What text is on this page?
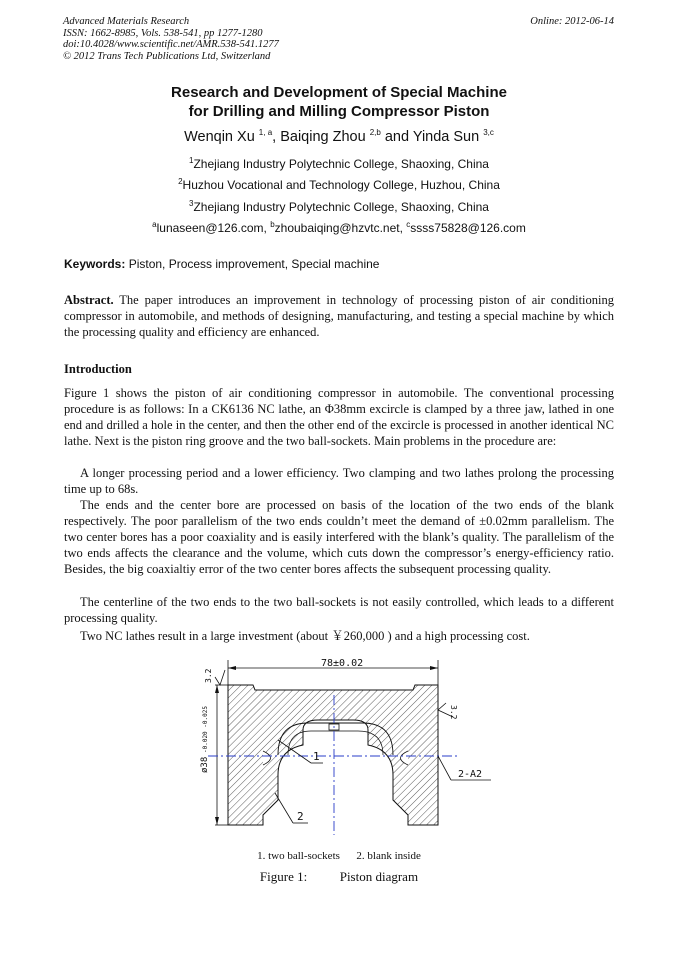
Advanced Materials Research
ISSN: 1662-8985, Vols. 538-541, pp 1277-1280
doi:10.4028/www.scientific.net/AMR.538-541.1277
© 2012 Trans Tech Publications Ltd, Switzerland
Online: 2012-06-14
Research and Development of Special Machine
for Drilling and Milling Compressor Piston
Wenqin Xu $^{1, a}$, Baiqing Zhou $^{2,b}$ and Yinda Sun $^{3,c}$
$^1$Zhejiang Industry Polytechnic College, Shaoxing, China
$^2$Huzhou Vocational and Technology College, Huzhou, China
$^3$Zhejiang Industry Polytechnic College, Shaoxing, China
$^a$lunaseen@126.com, $^b$zhoubaiqing@hzvtc.net, $^c$ssss75828@126.com
Keywords: Piston, Process improvement, Special machine
Abstract. The paper introduces an improvement in technology of processing piston of air conditioning compressor in automobile, and methods of designing, manufacturing, and testing a special machine by which the processing quality and efficiency are enhanced.
Introduction
Figure 1 shows the piston of air conditioning compressor in automobile. The conventional processing procedure is as follows: In a CK6136 NC lathe, an Φ38mm excircle is clamped by a three jaw, lathed in one end and drilled a hole in the center, and then the other end of the excircle is processed in another identical NC lathe. Next is the piston ring groove and the two ball-sockets. Main problems in the procedure are:
A longer processing period and a lower efficiency. Two clamping and two lathes prolong the processing time up to 68s.
The ends and the center bore are processed on basis of the location of the two ends of the blank respectively. The poor parallelism of the two ends couldn’t meet the demand of ±0.02mm parallelism. The two center bores has a poor coaxiality and is easily interfered with the blank’s quality. The parallelism of the two ends affects the clearance and the volume, which cuts down the compressor’s energy-efficiency ratio. Besides, the big coaxialtiy error of the two center bores affects the subsequent processing quality.
The centerline of the two ends to the two ball-sockets is not easily controlled, which leads to a different processing quality.
Two NC lathes result in a large investment (about ￥260,000 ) and a high processing cost.
78±0.02
ø38
-0.020 -0.025
3.2
3.2
2-A2
1
2
1. two ball-sockets      2. blank inside
Figure 1:          Piston diagram
